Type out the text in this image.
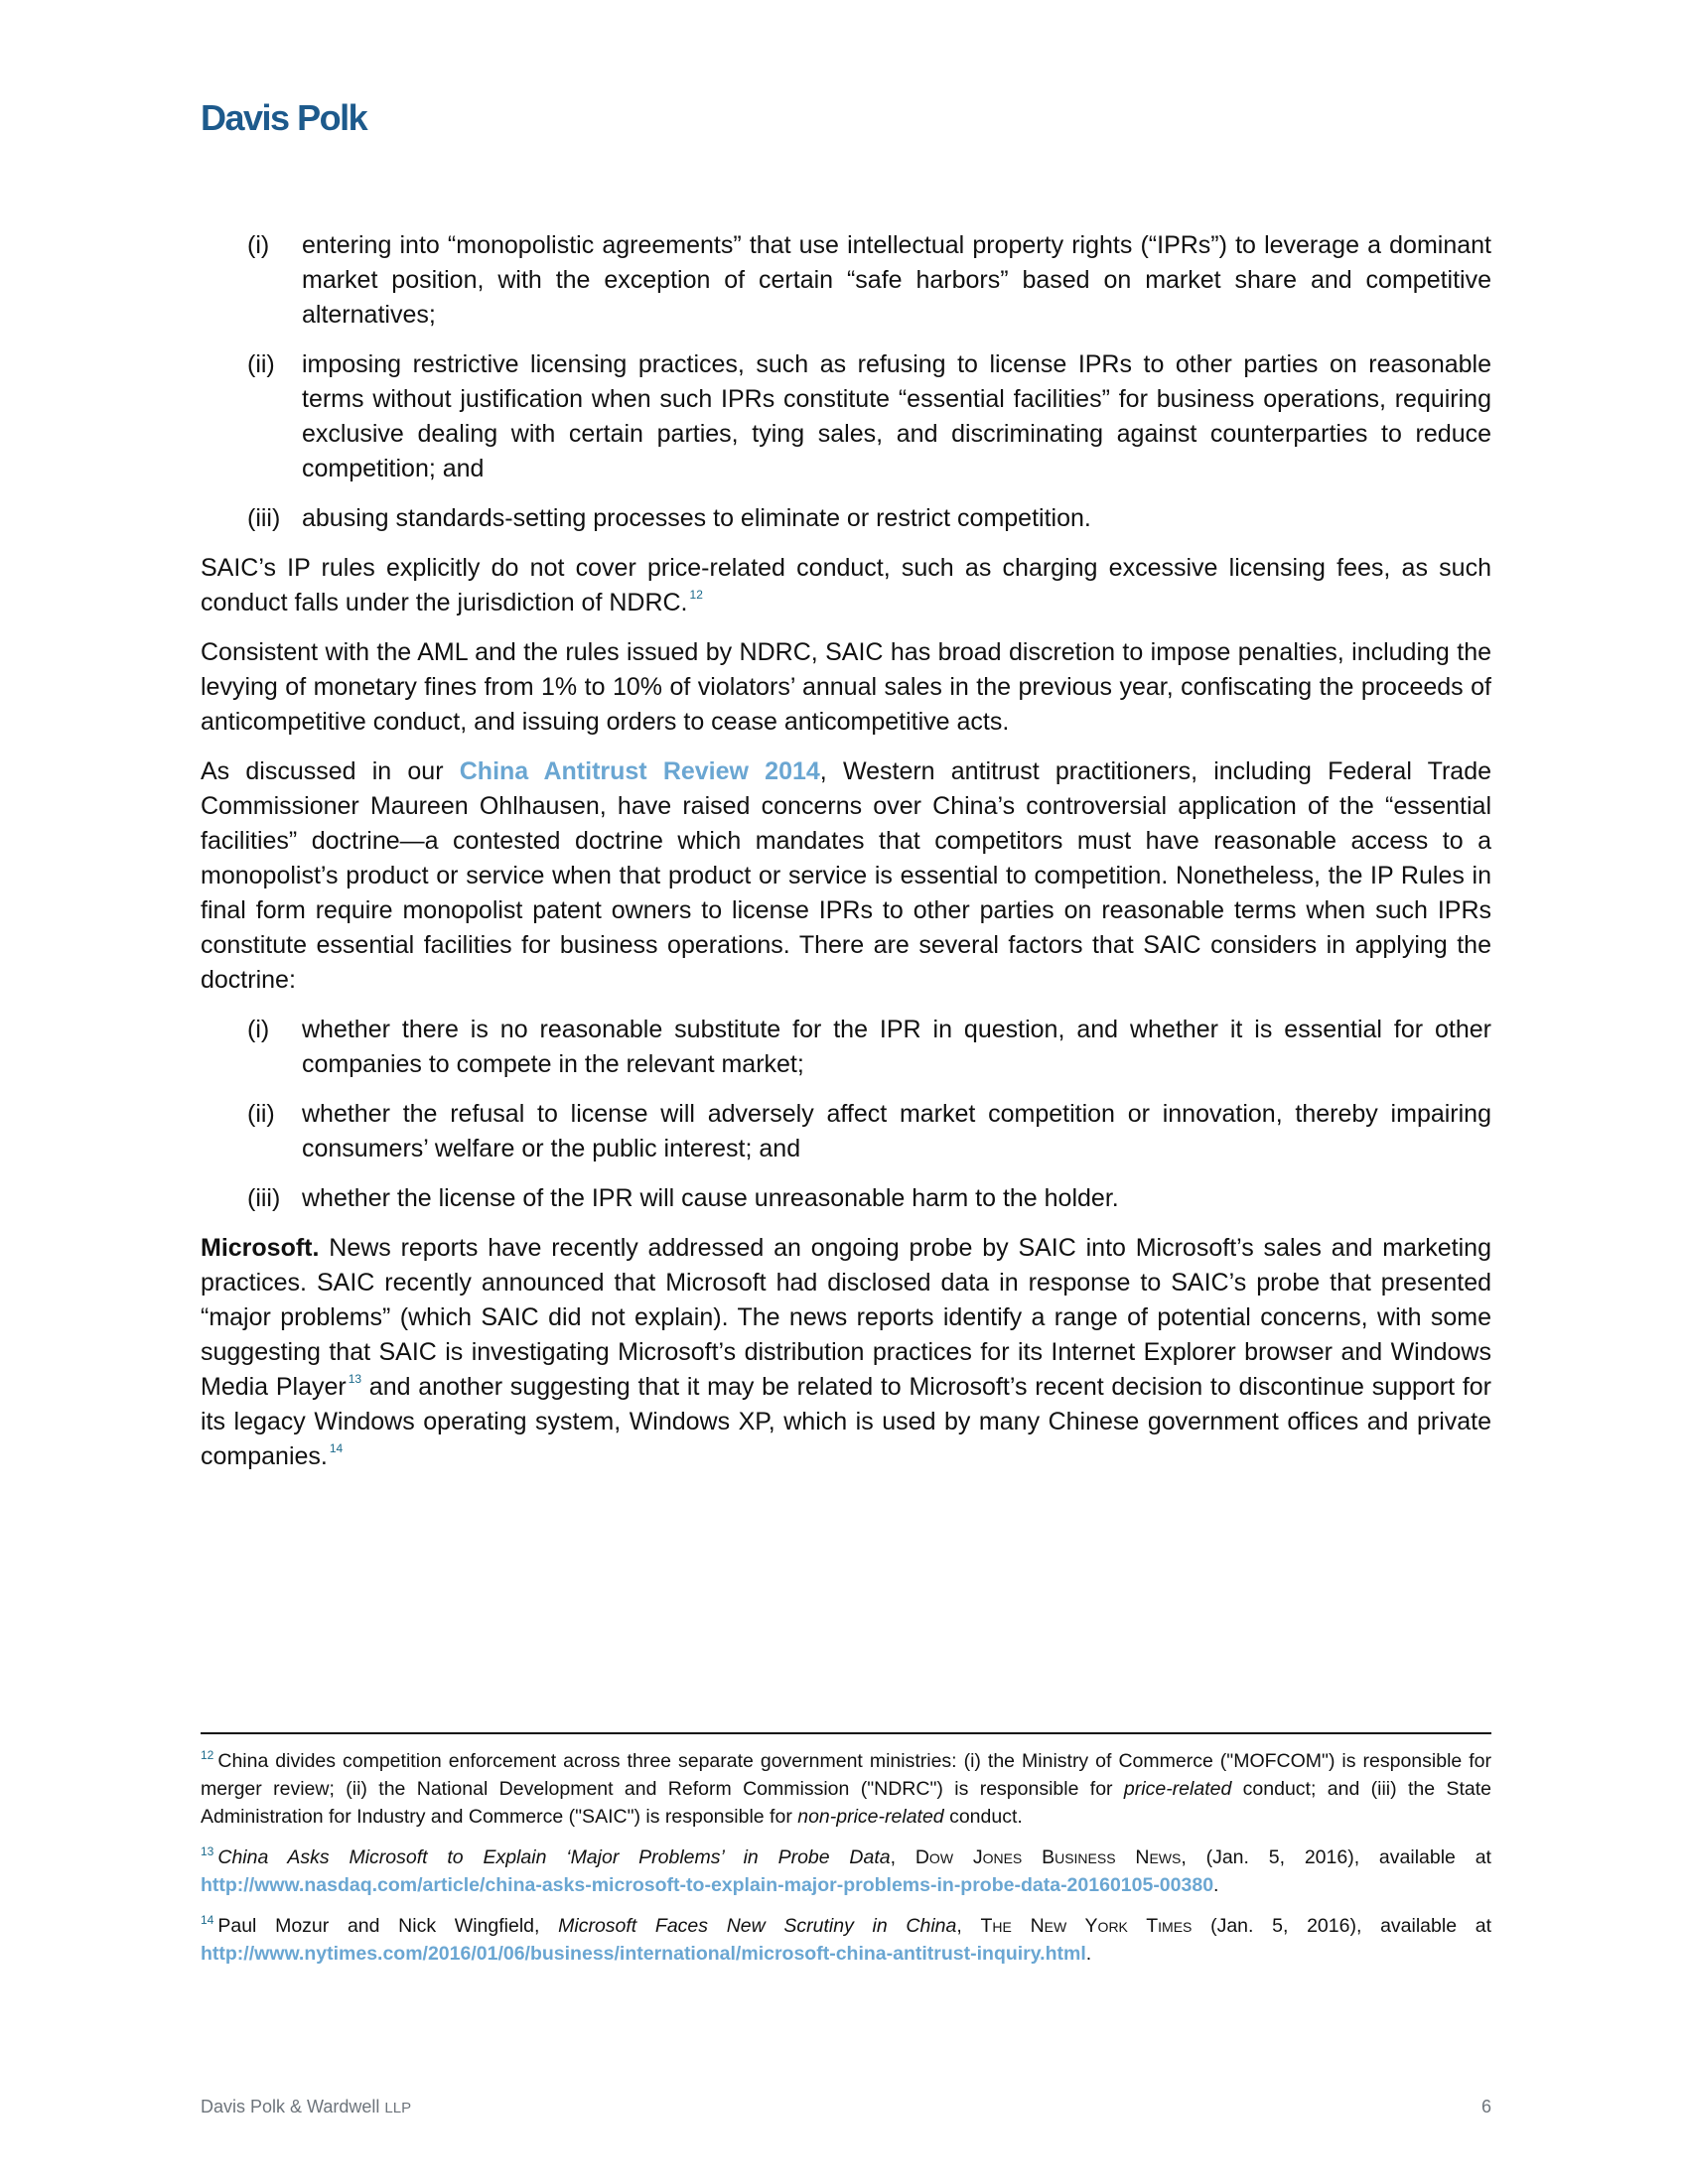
Davis Polk
(i)	entering into “monopolistic agreements” that use intellectual property rights (“IPRs”) to leverage a dominant market position, with the exception of certain “safe harbors” based on market share and competitive alternatives;
(ii)	imposing restrictive licensing practices, such as refusing to license IPRs to other parties on reasonable terms without justification when such IPRs constitute “essential facilities” for business operations, requiring exclusive dealing with certain parties, tying sales, and discriminating against counterparties to reduce competition; and
(iii) abusing standards-setting processes to eliminate or restrict competition.

SAIC’s IP rules explicitly do not cover price-related conduct, such as charging excessive licensing fees, as such conduct falls under the jurisdiction of NDRC. $^{12}$

Consistent with the AML and the rules issued by NDRC, SAIC has broad discretion to impose penalties, including the levying of monetary fines from 1% to 10% of violators’ annual sales in the previous year, confiscating the proceeds of anticompetitive conduct, and issuing orders to cease anticompetitive acts.

As discussed in our China Antitrust Review 2014, Western antitrust practitioners, including Federal Trade Commissioner Maureen Ohlhausen, have raised concerns over China’s controversial application of the “essential facilities” doctrine—a contested doctrine which mandates that competitors must have reasonable access to a monopolist’s product or service when that product or service is essential to competition. Nonetheless, the IP Rules in final form require monopolist patent owners to license IPRs to other parties on reasonable terms when such IPRs constitute essential facilities for business operations. There are several factors that SAIC considers in applying the doctrine:

(i)	whether there is no reasonable substitute for the IPR in question, and whether it is essential for other companies to compete in the relevant market;
(ii)	whether the refusal to license will adversely affect market competition or innovation, thereby impairing consumers’ welfare or the public interest; and
(iii) whether the license of the IPR will cause unreasonable harm to the holder.

Microsoft. News reports have recently addressed an ongoing probe by SAIC into Microsoft’s sales and marketing practices. SAIC recently announced that Microsoft had disclosed data in response to SAIC’s probe that presented “major problems” (which SAIC did not explain). The news reports identify a range of potential concerns, with some suggesting that SAIC is investigating Microsoft’s distribution practices for its Internet Explorer browser and Windows Media Player $^{13}$ and another suggesting that it may be related to Microsoft’s recent decision to discontinue support for its legacy Windows operating system, Windows XP, which is used by many Chinese government offices and private companies. $^{14}$

$^{12}$ China divides competition enforcement across three separate government ministries: (i) the Ministry of Commerce ("MOFCOM") is responsible for merger review; (ii) the National Development and Reform Commission ("NDRC") is responsible for price-related conduct; and (iii) the State Administration for Industry and Commerce ("SAIC") is responsible for non-price-related conduct.

$^{13}$ China Asks Microsoft to Explain ‘Major Problems’ in Probe Data, Dow Jones Business News, (Jan. 5, 2016), available at http://www.nasdaq.com/article/china-asks-microsoft-to-explain-major-problems-in-probe-data-20160105-00380.

$^{14}$ Paul Mozur and Nick Wingfield, Microsoft Faces New Scrutiny in China, The New York Times (Jan. 5, 2016), available at http://www.nytimes.com/2016/01/06/business/international/microsoft-china-antitrust-inquiry.html.

Davis Polk & Wardwell LLP	6
